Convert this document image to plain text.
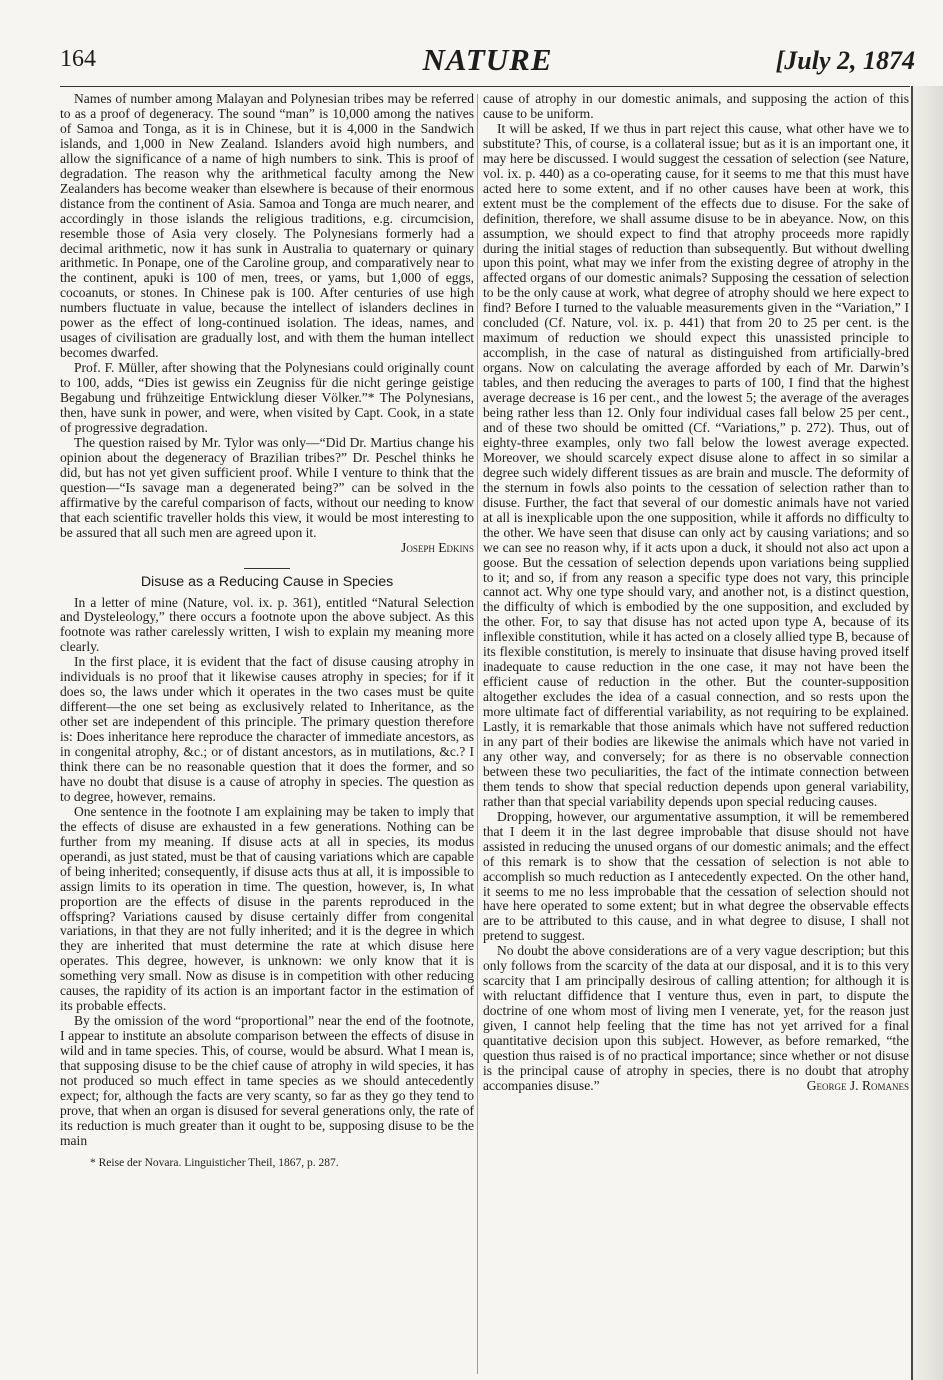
164	NATURE	[July 2, 1874

Names of number among Malayan and Polynesian tribes may be referred to as a proof of degeneracy. The sound “man” is 10,000 among the natives of Samoa and Tonga, as it is in Chinese, but it is 4,000 in the Sandwich islands, and 1,000 in New Zealand. Islanders avoid high numbers, and allow the significance of a name of high numbers to sink. This is proof of degradation. The reason why the arithmetical faculty among the New Zealanders has become weaker than elsewhere is because of their enormous distance from the continent of Asia. Samoa and Tonga are much nearer, and accordingly in those islands the religious traditions, e.g. circumcision, resemble those of Asia very closely. The Polynesians formerly had a decimal arithmetic, now it has sunk in Australia to quaternary or quinary arithmetic. In Ponape, one of the Caroline group, and comparatively near to the continent, apuki is 100 of men, trees, or yams, but 1,000 of eggs, cocoanuts, or stones. In Chinese pak is 100. After centuries of use high numbers fluctuate in value, because the intellect of islanders declines in power as the effect of long-continued isolation. The ideas, names, and usages of civilisation are gradually lost, and with them the human intellect becomes dwarfed.

Prof. F. Müller, after showing that the Polynesians could originally count to 100, adds, “Dies ist gewiss ein Zeugniss für die nicht geringe geistige Begabung und frühzeitige Entwicklung dieser Völker.”* The Polynesians, then, have sunk in power, and were, when visited by Capt. Cook, in a state of progressive degradation.

The question raised by Mr. Tylor was only—“Did Dr. Martius change his opinion about the degeneracy of Brazilian tribes?” Dr. Peschel thinks he did, but has not yet given sufficient proof. While I venture to think that the question—“Is savage man a degenerated being?” can be solved in the affirmative by the careful comparison of facts, without our needing to know that each scientific traveller holds this view, it would be most interesting to be assured that all such men are agreed upon it.

Joseph Edkins

Disuse as a Reducing Cause in Species

In a letter of mine (Nature, vol. ix. p. 361), entitled “Natural Selection and Dysteleology,” there occurs a footnote upon the above subject. As this footnote was rather carelessly written, I wish to explain my meaning more clearly.

In the first place, it is evident that the fact of disuse causing atrophy in individuals is no proof that it likewise causes atrophy in species; for if it does so, the laws under which it operates in the two cases must be quite different—the one set being as exclusively related to Inheritance, as the other set are independent of this principle. The primary question therefore is: Does inheritance here reproduce the character of immediate ancestors, as in congenital atrophy, &c.; or of distant ancestors, as in mutilations, &c.? I think there can be no reasonable question that it does the former, and so have no doubt that disuse is a cause of atrophy in species. The question as to degree, however, remains.

One sentence in the footnote I am explaining may be taken to imply that the effects of disuse are exhausted in a few generations. Nothing can be further from my meaning. If disuse acts at all in species, its modus operandi, as just stated, must be that of causing variations which are capable of being inherited; consequently, if disuse acts thus at all, it is impossible to assign limits to its operation in time. The question, however, is, In what proportion are the effects of disuse in the parents reproduced in the offspring? Variations caused by disuse certainly differ from congenital variations, in that they are not fully inherited; and it is the degree in which they are inherited that must determine the rate at which disuse here operates. This degree, however, is unknown: we only know that it is something very small. Now as disuse is in competition with other reducing causes, the rapidity of its action is an important factor in the estimation of its probable effects.

By the omission of the word “proportional” near the end of the footnote, I appear to institute an absolute comparison between the effects of disuse in wild and in tame species. This, of course, would be absurd. What I mean is, that supposing disuse to be the chief cause of atrophy in wild species, it has not produced so much effect in tame species as we should antecedently expect; for, although the facts are very scanty, so far as they go they tend to prove, that when an organ is disused for several generations only, the rate of its reduction is much greater than it ought to be, supposing disuse to be the main

* Reise der Novara. Linguisticher Theil, 1867, p. 287.

cause of atrophy in our domestic animals, and supposing the action of this cause to be uniform.

It will be asked, If we thus in part reject this cause, what other have we to substitute? This, of course, is a collateral issue; but as it is an important one, it may here be discussed. I would suggest the cessation of selection (see Nature, vol. ix. p. 440) as a co-operating cause, for it seems to me that this must have acted here to some extent, and if no other causes have been at work, this extent must be the complement of the effects due to disuse. For the sake of definition, therefore, we shall assume disuse to be in abeyance. Now, on this assumption, we should expect to find that atrophy proceeds more rapidly during the initial stages of reduction than subsequently. But without dwelling upon this point, what may we infer from the existing degree of atrophy in the affected organs of our domestic animals? Supposing the cessation of selection to be the only cause at work, what degree of atrophy should we here expect to find? Before I turned to the valuable measurements given in the “Variation,” I concluded (Cf. Nature, vol. ix. p. 441) that from 20 to 25 per cent. is the maximum of reduction we should expect this unassisted principle to accomplish, in the case of natural as distinguished from artificially-bred organs. Now on calculating the average afforded by each of Mr. Darwin’s tables, and then reducing the averages to parts of 100, I find that the highest average decrease is 16 per cent., and the lowest 5; the average of the averages being rather less than 12. Only four individual cases fall below 25 per cent., and of these two should be omitted (Cf. “Variations,” p. 272). Thus, out of eighty-three examples, only two fall below the lowest average expected. Moreover, we should scarcely expect disuse alone to affect in so similar a degree such widely different tissues as are brain and muscle. The deformity of the sternum in fowls also points to the cessation of selection rather than to disuse. Further, the fact that several of our domestic animals have not varied at all is inexplicable upon the one supposition, while it affords no difficulty to the other. We have seen that disuse can only act by causing variations; and so we can see no reason why, if it acts upon a duck, it should not also act upon a goose. But the cessation of selection depends upon variations being supplied to it; and so, if from any reason a specific type does not vary, this principle cannot act. Why one type should vary, and another not, is a distinct question, the difficulty of which is embodied by the one supposition, and excluded by the other. For, to say that disuse has not acted upon type A, because of its inflexible constitution, while it has acted on a closely allied type B, because of its flexible constitution, is merely to insinuate that disuse having proved itself inadequate to cause reduction in the one case, it may not have been the efficient cause of reduction in the other. But the counter-supposition altogether excludes the idea of a casual connection, and so rests upon the more ultimate fact of differential variability, as not requiring to be explained. Lastly, it is remarkable that those animals which have not suffered reduction in any part of their bodies are likewise the animals which have not varied in any other way, and conversely; for as there is no observable connection between these two peculiarities, the fact of the intimate connection between them tends to show that special reduction depends upon general variability, rather than that special variability depends upon special reducing causes.

Dropping, however, our argumentative assumption, it will be remembered that I deem it in the last degree improbable that disuse should not have assisted in reducing the unused organs of our domestic animals; and the effect of this remark is to show that the cessation of selection is not able to accomplish so much reduction as I antecedently expected. On the other hand, it seems to me no less improbable that the cessation of selection should not have here operated to some extent; but in what degree the observable effects are to be attributed to this cause, and in what degree to disuse, I shall not pretend to suggest.

No doubt the above considerations are of a very vague description; but this only follows from the scarcity of the data at our disposal, and it is to this very scarcity that I am principally desirous of calling attention; for although it is with reluctant diffidence that I venture thus, even in part, to dispute the doctrine of one whom most of living men I venerate, yet, for the reason just given, I cannot help feeling that the time has not yet arrived for a final quantitative decision upon this subject. However, as before remarked, “the question thus raised is of no practical importance; since whether or not disuse is the principal cause of atrophy in species, there is no doubt that atrophy accompanies disuse.”	George J. Romanes
